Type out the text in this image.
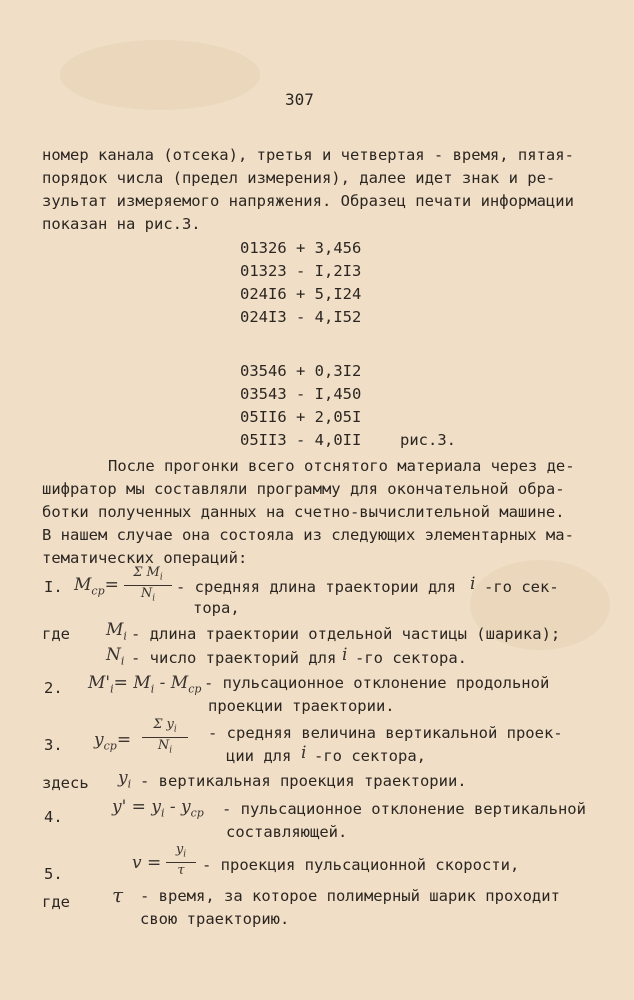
307
номер канала (отсека), третья и четвертая - время, пятая-
порядок числа (предел измерения), далее идет знак и ре-
зультат измеряемого напряжения. Образец печати информации
показан на рис.3.
01326 + 3,456
01323 - I,2I3
024I6 + 5,I24
024I3 - 4,I52
03546 + 0,3I2
03543 - I,450
05II6 + 2,05I
05II3 - 4,0II рис.3.
После прогонки всего отснятого материала через де-
шифратор мы составляли программу для окончательной обра-
ботки полученных данных на счетно-вычислительной машине.
В нашем случае она состояла из следующих элементарных ма-
тематических операций:
I. $M_{ср}= \frac{\Sigma M_i}{N_i}$ - средняя длина траектории для i -го сек-
тора,
где $M_i$ - длина траектории отдельной частицы (шарика);
$N_i$ - число траекторий для i -го сектора.
2. $M'_i= M_i - M_{ср}$ - пульсационное отклонение продольной
проекции траектории.
3. $y_{ср}= \frac{\Sigma y_i}{N_i}$ - средняя величина вертикальной проек-
ции для i -го сектора,
здесь $y_i$ - вертикальная проекция траектории.
4.	$y' = y_i - y_{ср}$ - пульсационное отклонение вертикальной
составляющей.
5.
$v = \frac{y_i}{\tau}$ - проекция пульсационной скорости,
где τ - время, за которое полимерный шарик проходит
свою траекторию.
